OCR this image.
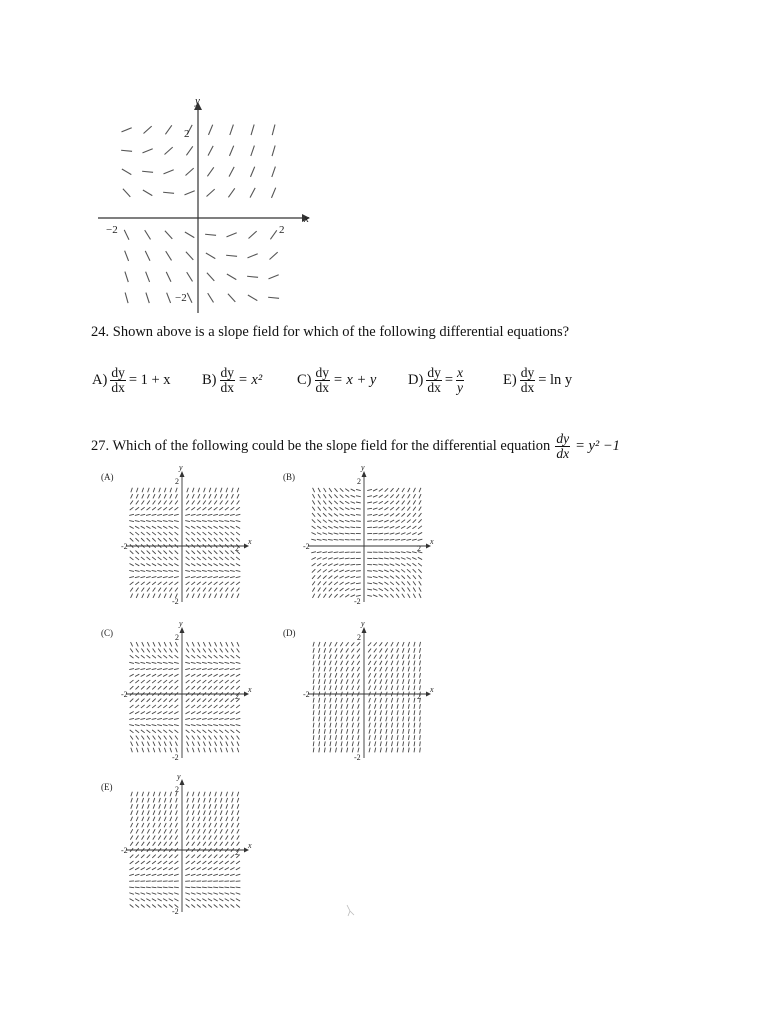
y
x
2
−2
−2	2
24. Shown above is a slope field for which of the following differential equations?
$A) \frac{dy}{dx} = 1 + x$ $B) \frac{dy}{dx} = x^2$ $C) \frac{dy}{dx} = x + y$ $D) \frac{dy}{dx} = \frac{x}{y}$	$E) \frac{dy}{dx} = \ln y$
27. Which of the following could be the slope field for the differential equation $\frac{dy}{dx} = y^2 -1$
(A)
y
x
2
-2
-2	2
(B)
y
x
2
-2
-2	2
(C)
y
x
2
-2
-2	2
(D)
y
x
2
-2
-2	2
(E)
y
x
2
-2
-2	2
